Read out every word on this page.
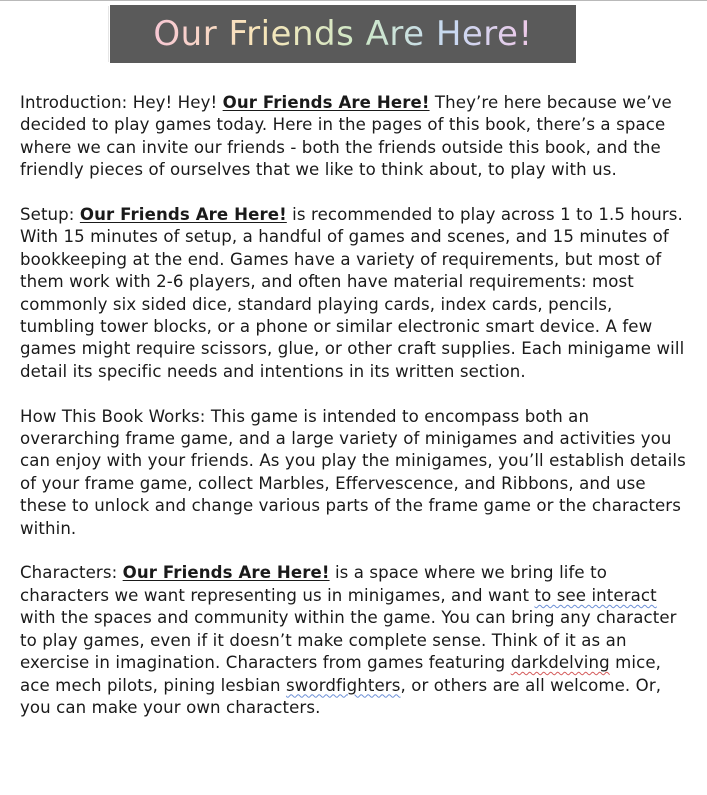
Our Friends Are Here!

Introduction: Hey! Hey! Our Friends Are Here! They’re here because we’ve decided to play games today. Here in the pages of this book, there’s a space where we can invite our friends - both the friends outside this book, and the friendly pieces of ourselves that we like to think about, to play with us.

Setup: Our Friends Are Here! is recommended to play across 1 to 1.5 hours. With 15 minutes of setup, a handful of games and scenes, and 15 minutes of bookkeeping at the end. Games have a variety of requirements, but most of them work with 2-6 players, and often have material requirements: most commonly six sided dice, standard playing cards, index cards, pencils, tumbling tower blocks, or a phone or similar electronic smart device. A few games might require scissors, glue, or other craft supplies. Each minigame will detail its specific needs and intentions in its written section.

How This Book Works: This game is intended to encompass both an overarching frame game, and a large variety of minigames and activities you can enjoy with your friends. As you play the minigames, you’ll establish details of your frame game, collect Marbles, Effervescence, and Ribbons, and use these to unlock and change various parts of the frame game or the characters within.

Characters: Our Friends Are Here! is a space where we bring life to characters we want representing us in minigames, and want to see interact with the spaces and community within the game. You can bring any character to play games, even if it doesn’t make complete sense. Think of it as an exercise in imagination. Characters from games featuring darkdelving mice, ace mech pilots, pining lesbian swordfighters, or others are all welcome. Or, you can make your own characters.
